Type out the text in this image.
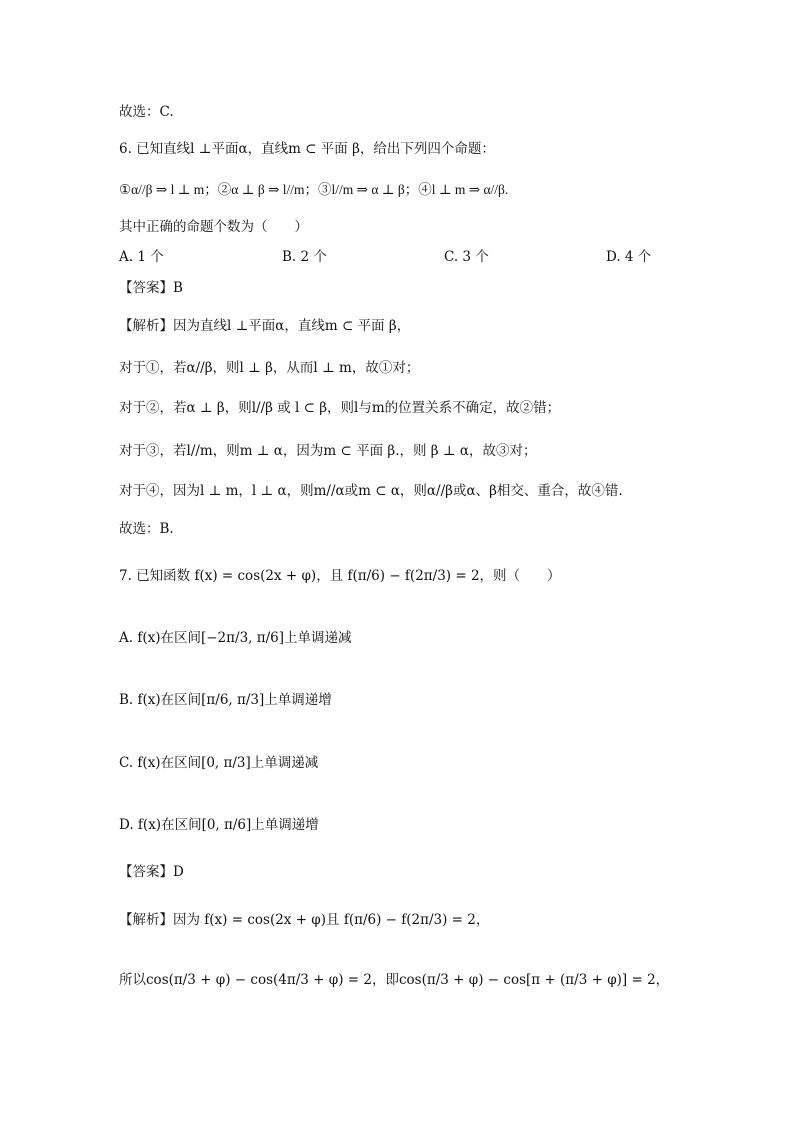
故选：C.
6. 已知直线l ⊥平面α，直线m ⊂ 平面 β，给出下列四个命题：
①α//β ⇒ l ⊥ m；②α ⊥ β ⇒ l//m；③l//m ⇒ α ⊥ β；④l ⊥ m ⇒ α//β.
其中正确的命题个数为（　　）
A. 1 个	B. 2 个	C. 3 个	D. 4 个
【答案】B
【解析】因为直线l ⊥平面α，直线m ⊂ 平面 β，
对于①，若α//β，则l ⊥ β，从而l ⊥ m，故①对；
对于②，若α ⊥ β，则l//β 或 l ⊂ β，则l与m的位置关系不确定，故②错；
对于③，若l//m，则m ⊥ α，因为m ⊂ 平面 β.，则 β ⊥ α，故③对；
对于④，因为l ⊥ m，l ⊥ α，则m//α或m ⊂ α，则α//β或α、β相交、重合，故④错.
故选：B.
7. 已知函数 f(x) = cos(2x + φ)，且 f(π/6) − f(2π/3) = 2，则（　　）
A. f(x)在区间[−2π/3, π/6]上单调递减
B. f(x)在区间[π/6, π/3]上单调递增
C. f(x)在区间[0, π/3]上单调递减
D. f(x)在区间[0, π/6]上单调递增
【答案】D
【解析】因为 f(x) = cos(2x + φ)且 f(π/6) − f(2π/3) = 2，
所以cos(π/3 + φ) − cos(4π/3 + φ) = 2，即cos(π/3 + φ) − cos[π + (π/3 + φ)] = 2，
